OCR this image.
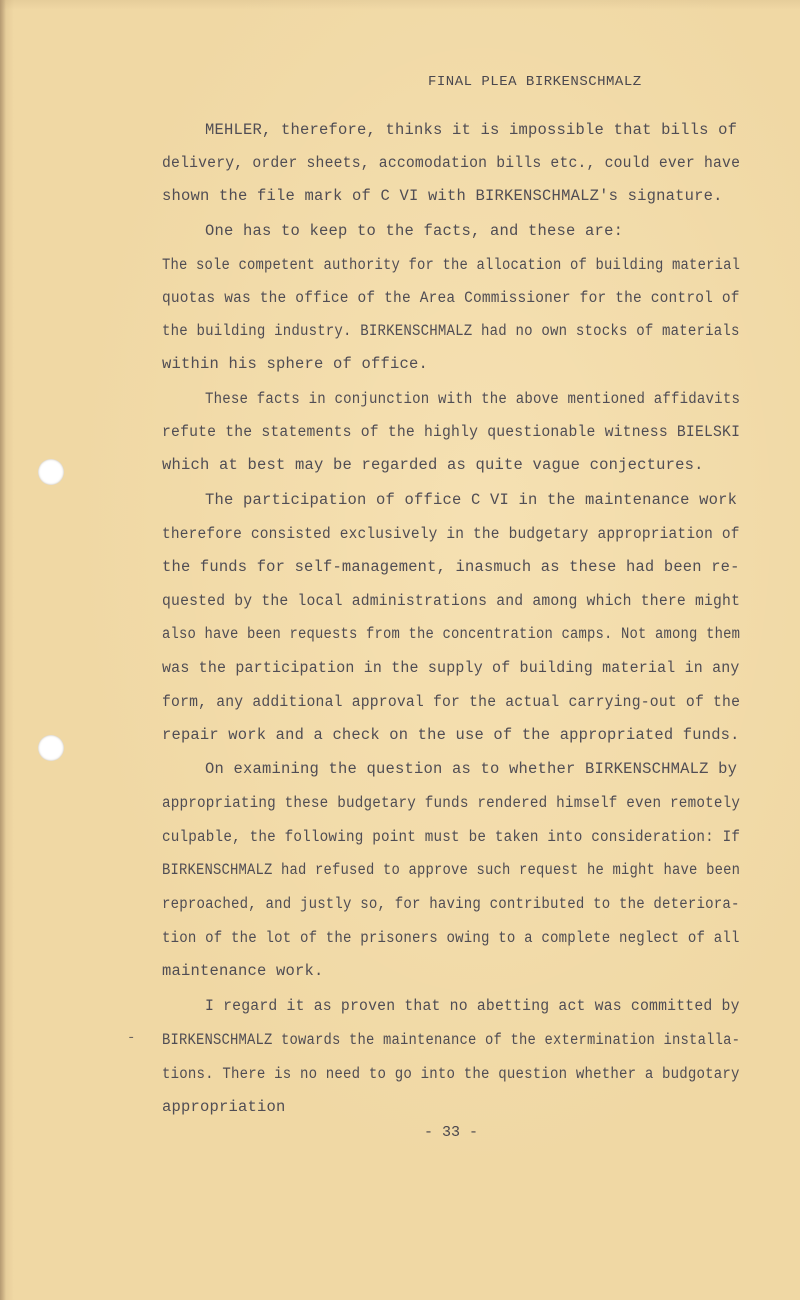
FINAL PLEA BIRKENSCHMALZ
MEHLER, therefore, thinks it is impossible that bills of
delivery, order sheets, accomodation bills etc., could ever have
shown the file mark of C VI with BIRKENSCHMALZ's signature.
One has to keep to the facts, and these are:
The sole competent authority for the allocation of building material
quotas was the office of the Area Commissioner for the control of
the building industry. BIRKENSCHMALZ had no own stocks of materials
within his sphere of office.
These facts in conjunction with the above mentioned affidavits
refute the statements of the highly questionable witness BIELSKI
which at best may be regarded as quite vague conjectures.
The participation of office C VI in the maintenance work
therefore consisted exclusively in the budgetary appropriation of
the funds for self-management, inasmuch as these had been re-
quested by the local administrations and among which there might
also have been requests from the concentration camps. Not among them
was the participation in the supply of building material in any
form, any additional approval for the actual carrying-out of the
repair work and a check on the use of the appropriated funds.
On examining the question as to whether BIRKENSCHMALZ by
appropriating these budgetary funds rendered himself even remotely
culpable, the following point must be taken into consideration: If
BIRKENSCHMALZ had refused to approve such request he might have been
reproached, and justly so, for having contributed to the deteriora-
tion of the lot of the prisoners owing to a complete neglect of all
maintenance work.
I regard it as proven that no abetting act was committed by
BIRKENSCHMALZ towards the maintenance of the extermination installa-
tions. There is no need to go into the question whether a budgotary
appropriation
-
- 33 -
